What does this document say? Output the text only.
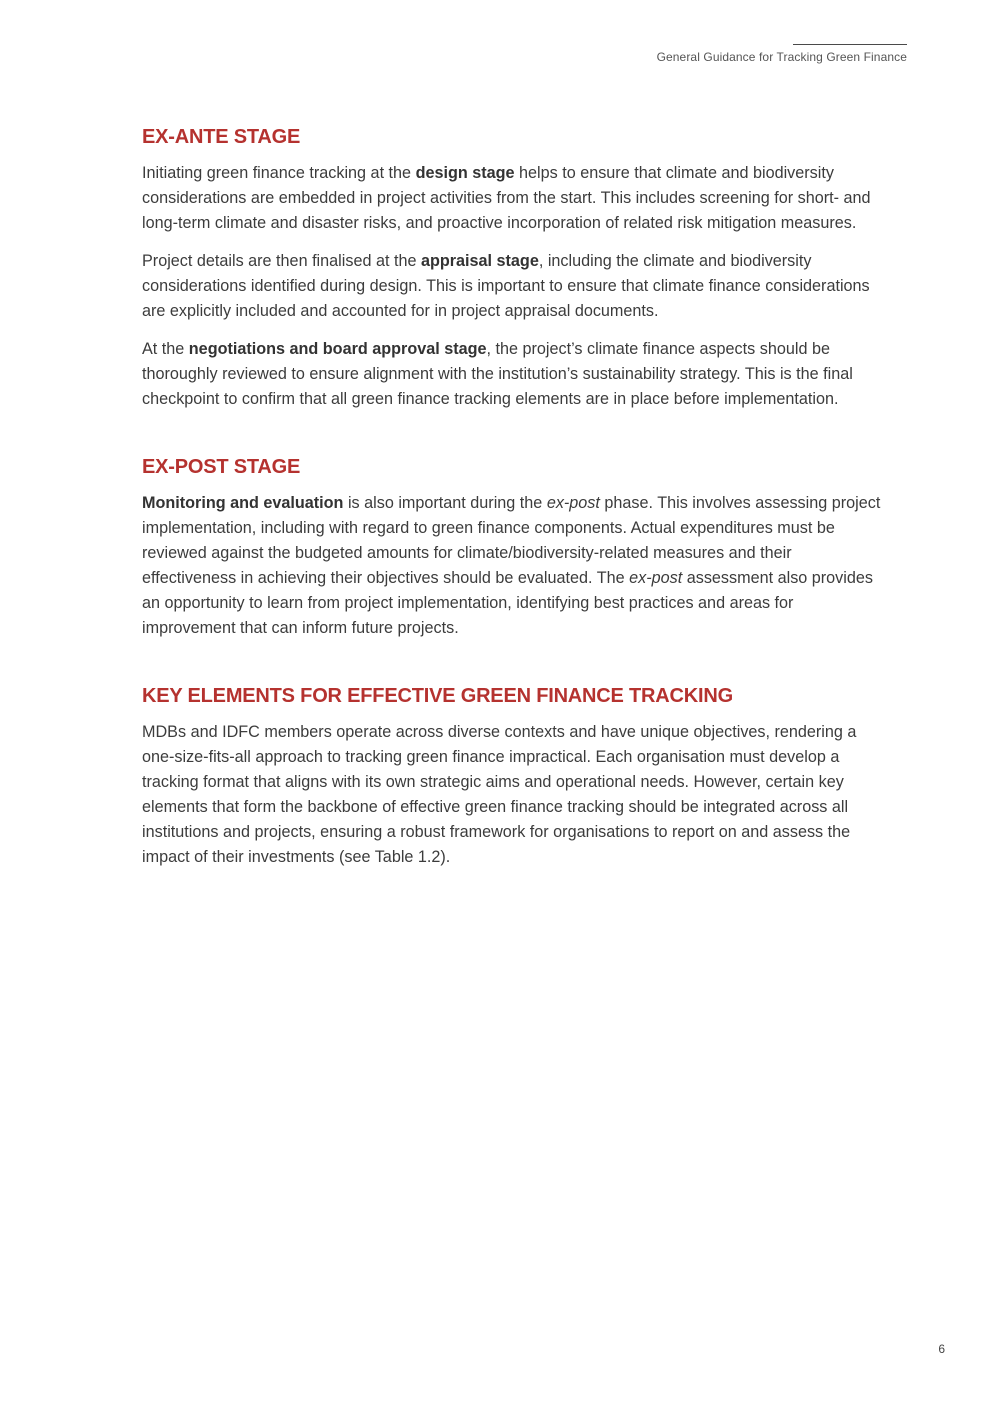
General Guidance for Tracking Green Finance
EX-ANTE STAGE

Initiating green finance tracking at the design stage helps to ensure that climate and biodiversity considerations are embedded in project activities from the start. This includes screening for short- and long-term climate and disaster risks, and proactive incorporation of related risk mitigation measures.

Project details are then finalised at the appraisal stage, including the climate and biodiversity considerations identified during design. This is important to ensure that climate finance considerations are explicitly included and accounted for in project appraisal documents.

At the negotiations and board approval stage, the project’s climate finance aspects should be thoroughly reviewed to ensure alignment with the institution’s sustainability strategy. This is the final checkpoint to confirm that all green finance tracking elements are in place before implementation.

EX-POST STAGE

Monitoring and evaluation is also important during the ex-post phase. This involves assessing project implementation, including with regard to green finance components. Actual expenditures must be reviewed against the budgeted amounts for climate/biodiversity-related measures and their effectiveness in achieving their objectives should be evaluated. The ex-post assessment also provides an opportunity to learn from project implementation, identifying best practices and areas for improvement that can inform future projects.

KEY ELEMENTS FOR EFFECTIVE GREEN FINANCE TRACKING

MDBs and IDFC members operate across diverse contexts and have unique objectives, rendering a one-size-fits-all approach to tracking green finance impractical. Each organisation must develop a tracking format that aligns with its own strategic aims and operational needs. However, certain key elements that form the backbone of effective green finance tracking should be integrated across all institutions and projects, ensuring a robust framework for organisations to report on and assess the impact of their investments (see Table 1.2).

6
